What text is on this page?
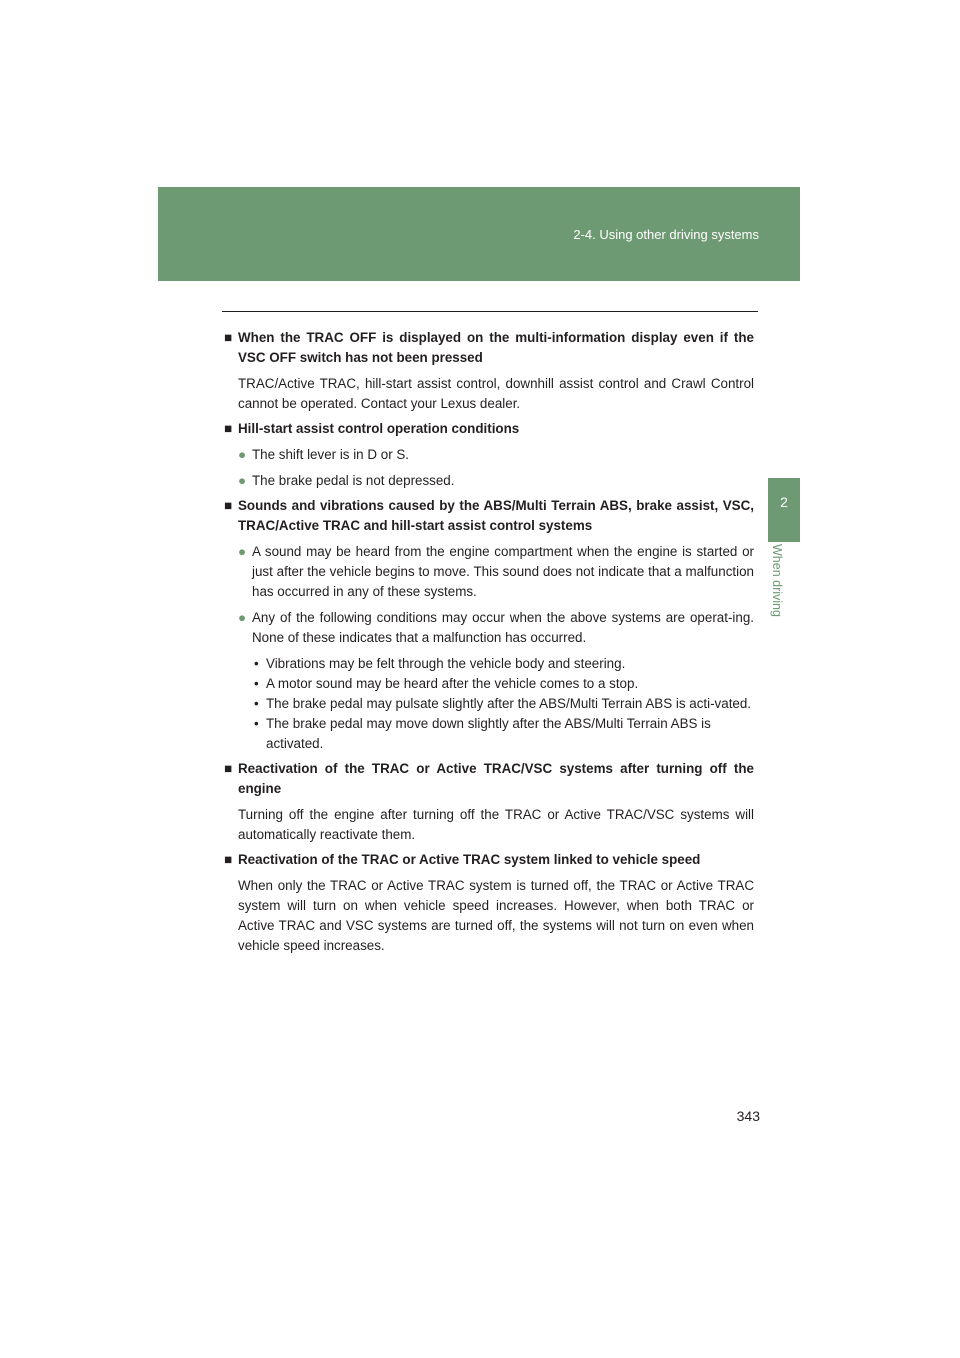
2-4. Using other driving systems
2
When driving
■ When the TRAC OFF is displayed on the multi-information display even if the VSC OFF switch has not been pressed
TRAC/Active TRAC, hill-start assist control, downhill assist control and Crawl Control cannot be operated. Contact your Lexus dealer.
■ Hill-start assist control operation conditions
● The shift lever is in D or S.
● The brake pedal is not depressed.
■ Sounds and vibrations caused by the ABS/Multi Terrain ABS, brake assist, VSC, TRAC/Active TRAC and hill-start assist control systems
● A sound may be heard from the engine compartment when the engine is started or just after the vehicle begins to move. This sound does not indicate that a malfunction has occurred in any of these systems.
● Any of the following conditions may occur when the above systems are operat-ing. None of these indicates that a malfunction has occurred.
• Vibrations may be felt through the vehicle body and steering.
• A motor sound may be heard after the vehicle comes to a stop.
• The brake pedal may pulsate slightly after the ABS/Multi Terrain ABS is acti-vated.
• The brake pedal may move down slightly after the ABS/Multi Terrain ABS is activated.
■ Reactivation of the TRAC or Active TRAC/VSC systems after turning off the engine
Turning off the engine after turning off the TRAC or Active TRAC/VSC systems will automatically reactivate them.
■ Reactivation of the TRAC or Active TRAC system linked to vehicle speed
When only the TRAC or Active TRAC system is turned off, the TRAC or Active TRAC system will turn on when vehicle speed increases. However, when both TRAC or Active TRAC and VSC systems are turned off, the systems will not turn on even when vehicle speed increases.
343
